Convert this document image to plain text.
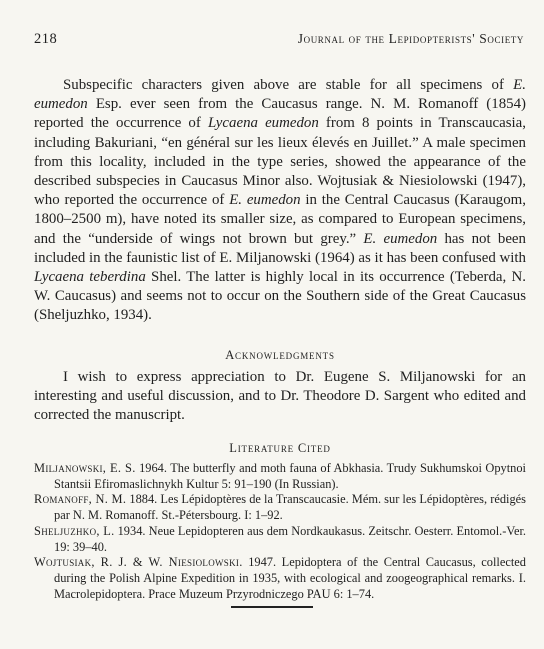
218	Journal of the Lepidopterists' Society

Subspecific characters given above are stable for all specimens of E. eumedon Esp. ever seen from the Caucasus range. N. M. Romanoff (1854) reported the occurrence of Lycaena eumedon from 8 points in Transcaucasia, including Bakuriani, “en général sur les lieux élevés en Juillet.” A male specimen from this locality, included in the type series, showed the appearance of the described subspecies in Caucasus Minor also. Wojtusiak & Niesiolowski (1947), who reported the occurrence of E. eumedon in the Central Caucasus (Karaugom, 1800–2500 m), have noted its smaller size, as compared to European specimens, and the “underside of wings not brown but grey.” E. eumedon has not been included in the faunistic list of E. Miljanowski (1964) as it has been confused with Lycaena teberdina Shel. The latter is highly local in its occurrence (Teberda, N. W. Caucasus) and seems not to occur on the Southern side of the Great Caucasus (Sheljuzhko, 1934).

Acknowledgments

I wish to express appreciation to Dr. Eugene S. Miljanowski for an interesting and useful discussion, and to Dr. Theodore D. Sargent who edited and corrected the manuscript.

Literature Cited
Miljanowski, E. S. 1964. The butterfly and moth fauna of Abkhasia. Trudy Sukhumskoi Opytnoi Stantsii Efiromaslichnykh Kultur 5: 91–190 (In Russian).
Romanoff, N. M. 1884. Les Lépidoptères de la Transcaucasie. Mém. sur les Lépidoptères, rédigés par N. M. Romanoff. St.-Pétersbourg. I: 1–92.
Sheljuzhko, L. 1934. Neue Lepidopteren aus dem Nordkaukasus. Zeitschr. Oesterr. Entomol.-Ver. 19: 39–40.
Wojtusiak, R. J. & W. Niesiolowski. 1947. Lepidoptera of the Central Caucasus, collected during the Polish Alpine Expedition in 1935, with ecological and zoogeographical remarks. I. Macrolepidoptera. Prace Muzeum Przyrodniczego PAU 6: 1–74.
